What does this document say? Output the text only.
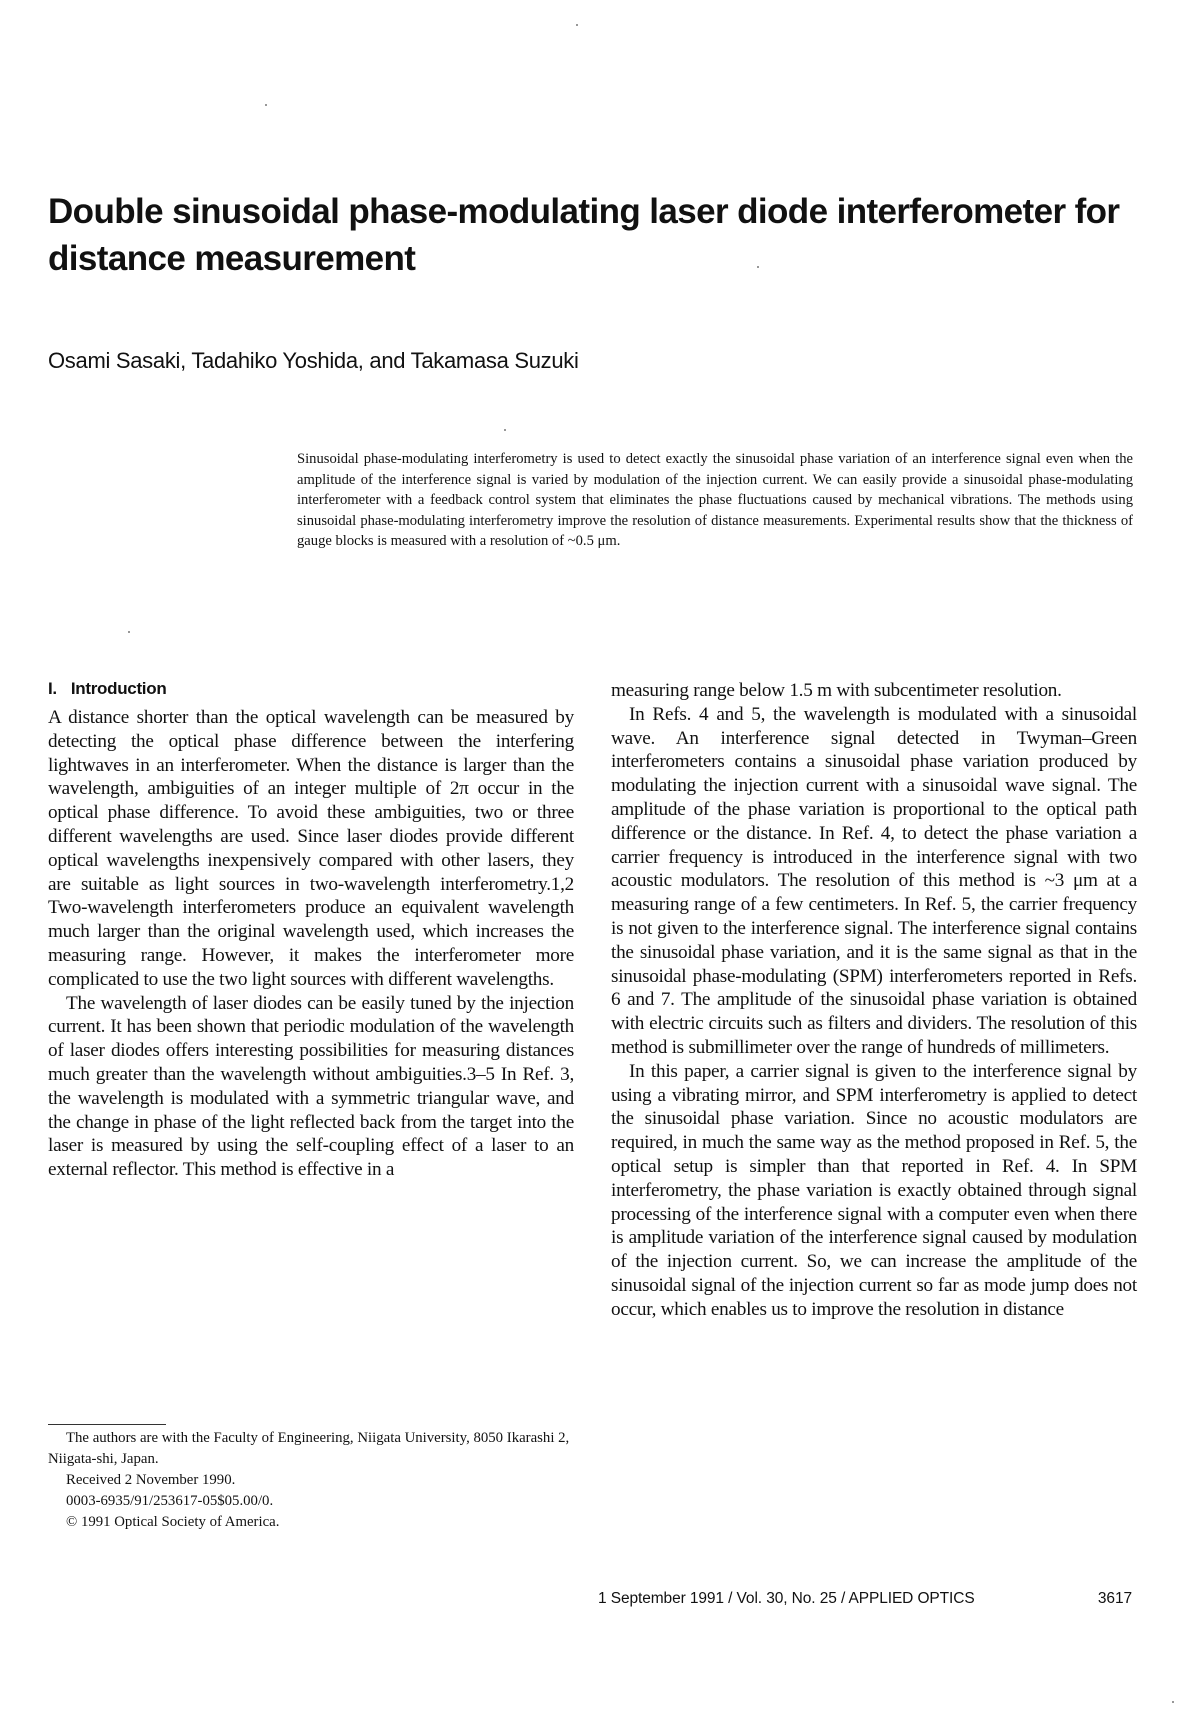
Double sinusoidal phase-modulating laser diode interferometer for distance measurement

Osami Sasaki, Tadahiko Yoshida, and Takamasa Suzuki

Sinusoidal phase-modulating interferometry is used to detect exactly the sinusoidal phase variation of an interference signal even when the amplitude of the interference signal is varied by modulation of the injection current. We can easily provide a sinusoidal phase-modulating interferometer with a feedback control system that eliminates the phase fluctuations caused by mechanical vibrations. The methods using sinusoidal phase-modulating interferometry improve the resolution of distance measurements. Experimental results show that the thickness of gauge blocks is measured with a resolution of ~0.5 μm.

I. Introduction

A distance shorter than the optical wavelength can be measured by detecting the optical phase difference between the interfering lightwaves in an interferometer. When the distance is larger than the wavelength, ambiguities of an integer multiple of 2π occur in the optical phase difference. To avoid these ambiguities, two or three different wavelengths are used. Since laser diodes provide different optical wavelengths inexpensively compared with other lasers, they are suitable as light sources in two-wavelength interferometry.1,2 Two-wavelength interferometers produce an equivalent wavelength much larger than the original wavelength used, which increases the measuring range. However, it makes the interferometer more complicated to use the two light sources with different wavelengths.

The wavelength of laser diodes can be easily tuned by the injection current. It has been shown that periodic modulation of the wavelength of laser diodes offers interesting possibilities for measuring distances much greater than the wavelength without ambiguities.3–5 In Ref. 3, the wavelength is modulated with a symmetric triangular wave, and the change in phase of the light reflected back from the target into the laser is measured by using the self-coupling effect of a laser to an external reflector. This method is effective in a

measuring range below 1.5 m with subcentimeter resolution.

In Refs. 4 and 5, the wavelength is modulated with a sinusoidal wave. An interference signal detected in Twyman–Green interferometers contains a sinusoidal phase variation produced by modulating the injection current with a sinusoidal wave signal. The amplitude of the phase variation is proportional to the optical path difference or the distance. In Ref. 4, to detect the phase variation a carrier frequency is introduced in the interference signal with two acoustic modulators. The resolution of this method is ~3 μm at a measuring range of a few centimeters. In Ref. 5, the carrier frequency is not given to the interference signal. The interference signal contains the sinusoidal phase variation, and it is the same signal as that in the sinusoidal phase-modulating (SPM) interferometers reported in Refs. 6 and 7. The amplitude of the sinusoidal phase variation is obtained with electric circuits such as filters and dividers. The resolution of this method is submillimeter over the range of hundreds of millimeters.

In this paper, a carrier signal is given to the interference signal by using a vibrating mirror, and SPM interferometry is applied to detect the sinusoidal phase variation. Since no acoustic modulators are required, in much the same way as the method proposed in Ref. 5, the optical setup is simpler than that reported in Ref. 4. In SPM interferometry, the phase variation is exactly obtained through signal processing of the interference signal with a computer even when there is amplitude variation of the interference signal caused by modulation of the injection current. So, we can increase the amplitude of the sinusoidal signal of the injection current so far as mode jump does not occur, which enables us to improve the resolution in distance

The authors are with the Faculty of Engineering, Niigata University, 8050 Ikarashi 2, Niigata-shi, Japan.

Received 2 November 1990.

0003-6935/91/253617-05$05.00/0.

© 1991 Optical Society of America.

1 September 1991 / Vol. 30, No. 25 / APPLIED OPTICS	3617
